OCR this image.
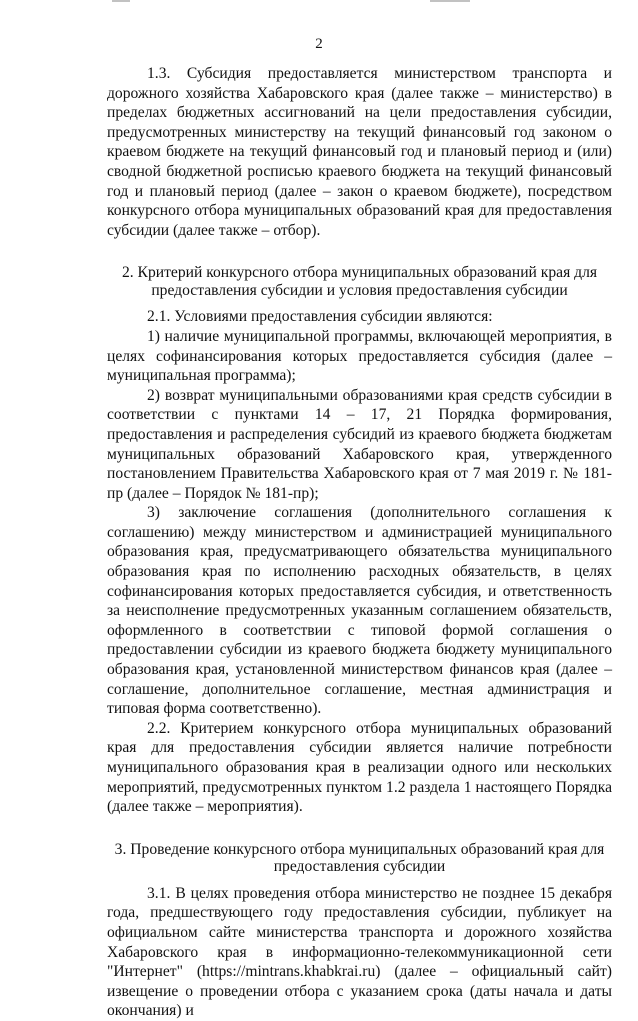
2

1.3. Субсидия предоставляется министерством транспорта и дорожного хозяйства Хабаровского края (далее также – министерство) в пределах бюджетных ассигнований на цели предоставления субсидии, предусмотренных министерству на текущий финансовый год законом о краевом бюджете на текущий финансовый год и плановый период и (или) сводной бюджетной росписью краевого бюджета на текущий финансовый год и плановый период (далее – закон о краевом бюджете), посредством конкурсного отбора муниципальных образований края для предоставления субсидии (далее также – отбор).

2. Критерий конкурсного отбора муниципальных образований края для предоставления субсидии и условия предоставления субсидии

2.1. Условиями предоставления субсидии являются:

1) наличие муниципальной программы, включающей мероприятия, в целях софинансирования которых предоставляется субсидия (далее – муниципальная программа);

2) возврат муниципальными образованиями края средств субсидии в соответствии с пунктами 14 – 17, 21 Порядка формирования, предоставления и распределения субсидий из краевого бюджета бюджетам муниципальных образований Хабаровского края, утвержденного постановлением Правительства Хабаровского края от 7 мая 2019 г. № 181-пр (далее – Порядок № 181-пр);

3) заключение соглашения (дополнительного соглашения к соглашению) между министерством и администрацией муниципального образования края, предусматривающего обязательства муниципального образования края по исполнению расходных обязательств, в целях софинансирования которых предоставляется субсидия, и ответственность за неисполнение предусмотренных указанным соглашением обязательств, оформленного в соответствии с типовой формой соглашения о предоставлении субсидии из краевого бюджета бюджету муниципального образования края, установленной министерством финансов края (далее – соглашение, дополнительное соглашение, местная администрация и типовая форма соответственно).

2.2. Критерием конкурсного отбора муниципальных образований края для предоставления субсидии является наличие потребности муниципального образования края в реализации одного или нескольких мероприятий, предусмотренных пунктом 1.2 раздела 1 настоящего Порядка (далее также – мероприятия).

3. Проведение конкурсного отбора муниципальных образований края для предоставления субсидии

3.1. В целях проведения отбора министерство не позднее 15 декабря года, предшествующего году предоставления субсидии, публикует на официальном сайте министерства транспорта и дорожного хозяйства Хабаровского края в информационно-телекоммуникационной сети "Интернет" (https://mintrans.khabkrai.ru) (далее – официальный сайт) извещение о проведении отбора с указанием срока (даты начала и даты окончания) и
